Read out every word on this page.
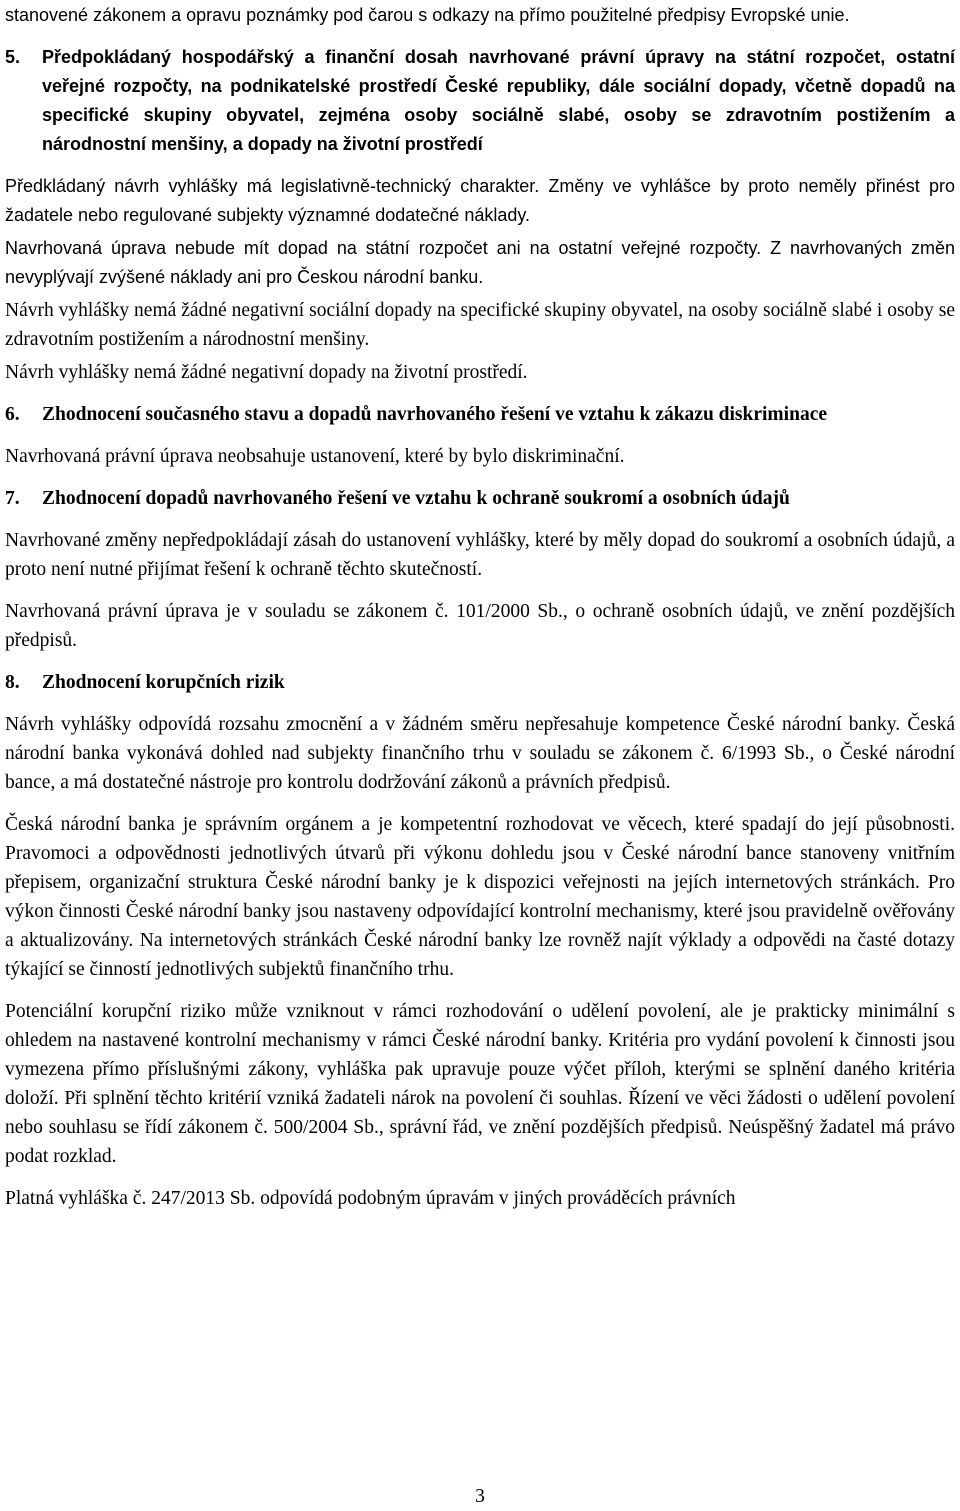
stanovené zákonem a opravu poznámky pod čarou s odkazy na přímo použitelné předpisy Evropské unie.

5.	Předpokládaný hospodářský a finanční dosah navrhované právní úpravy na státní rozpočet, ostatní veřejné rozpočty, na podnikatelské prostředí České republiky, dále sociální dopady, včetně dopadů na specifické skupiny obyvatel, zejména osoby sociálně slabé, osoby se zdravotním postižením a národnostní menšiny, a dopady na životní prostředí

Předkládaný návrh vyhlášky má legislativně-technický charakter. Změny ve vyhlášce by proto neměly přinést pro žadatele nebo regulované subjekty významné dodatečné náklady.

Navrhovaná úprava nebude mít dopad na státní rozpočet ani na ostatní veřejné rozpočty. Z navrhovaných změn nevyplývají zvýšené náklady ani pro Českou národní banku.

Návrh vyhlášky nemá žádné negativní sociální dopady na specifické skupiny obyvatel, na osoby sociálně slabé i osoby se zdravotním postižením a národnostní menšiny.

Návrh vyhlášky nemá žádné negativní dopady na životní prostředí.

6.	Zhodnocení současného stavu a dopadů navrhovaného řešení ve vztahu k zákazu diskriminace

Navrhovaná právní úprava neobsahuje ustanovení, které by bylo diskriminační.

7.	Zhodnocení dopadů navrhovaného řešení ve vztahu k ochraně soukromí a osobních údajů

Navrhované změny nepředpokládají zásah do ustanovení vyhlášky, které by měly dopad do soukromí a osobních údajů, a proto není nutné přijímat řešení k ochraně těchto skutečností.

Navrhovaná právní úprava je v souladu se zákonem č. 101/2000 Sb., o ochraně osobních údajů, ve znění pozdějších předpisů.

8.	Zhodnocení korupčních rizik

Návrh vyhlášky odpovídá rozsahu zmocnění a v žádném směru nepřesahuje kompetence České národní banky. Česká národní banka vykonává dohled nad subjekty finančního trhu v souladu se zákonem č. 6/1993 Sb., o České národní bance, a má dostatečné nástroje pro kontrolu dodržování zákonů a právních předpisů.

Česká národní banka je správním orgánem a je kompetentní rozhodovat ve věcech, které spadají do její působnosti. Pravomoci a odpovědnosti jednotlivých útvarů při výkonu dohledu jsou v České národní bance stanoveny vnitřním přepisem, organizační struktura České národní banky je k dispozici veřejnosti na jejích internetových stránkách. Pro výkon činnosti České národní banky jsou nastaveny odpovídající kontrolní mechanismy, které jsou pravidelně ověřovány a aktualizovány. Na internetových stránkách České národní banky lze rovněž najít výklady a odpovědi na časté dotazy týkající se činností jednotlivých subjektů finančního trhu.

Potenciální korupční riziko může vzniknout v rámci rozhodování o udělení povolení, ale je prakticky minimální s ohledem na nastavené kontrolní mechanismy v rámci České národní banky. Kritéria pro vydání povolení k činnosti jsou vymezena přímo příslušnými zákony, vyhláška pak upravuje pouze výčet příloh, kterými se splnění daného kritéria doloží. Při splnění těchto kritérií vzniká žadateli nárok na povolení či souhlas. Řízení ve věci žádosti o udělení povolení nebo souhlasu se řídí zákonem č. 500/2004 Sb., správní řád, ve znění pozdějších předpisů. Neúspěšný žadatel má právo podat rozklad.

Platná vyhláška č. 247/2013 Sb. odpovídá podobným úpravám v jiných prováděcích právních

3
